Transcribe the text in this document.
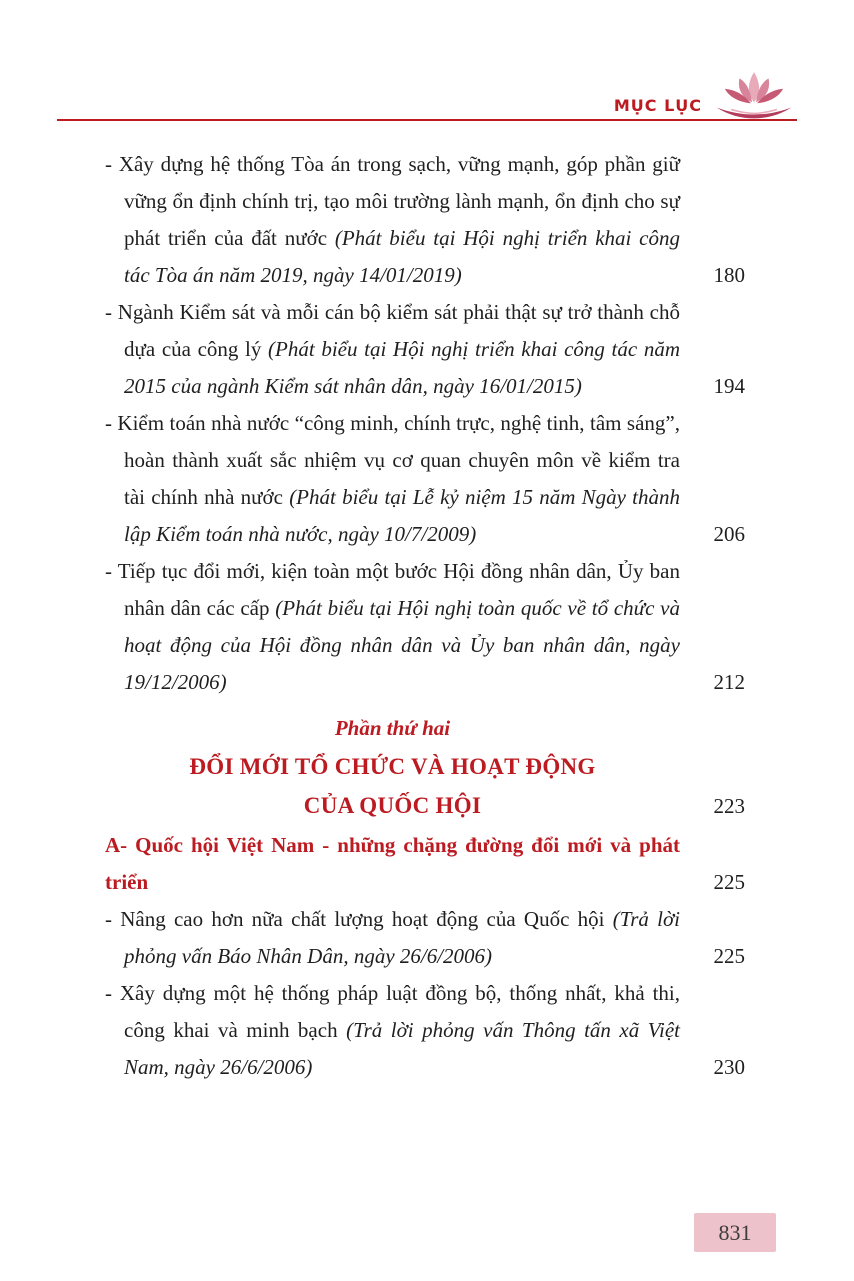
MỤC LỤC
- Xây dựng hệ thống Tòa án trong sạch, vững mạnh, góp phần giữ vững ổn định chính trị, tạo môi trường lành mạnh, ổn định cho sự phát triển của đất nước (Phát biểu tại Hội nghị triển khai công tác Tòa án năm 2019, ngày 14/01/2019)	180
- Ngành Kiểm sát và mỗi cán bộ kiểm sát phải thật sự trở thành chỗ dựa của công lý (Phát biểu tại Hội nghị triển khai công tác năm 2015 của ngành Kiểm sát nhân dân, ngày 16/01/2015)	194
- Kiểm toán nhà nước “công minh, chính trực, nghệ tinh, tâm sáng”, hoàn thành xuất sắc nhiệm vụ cơ quan chuyên môn về kiểm tra tài chính nhà nước (Phát biểu tại Lễ kỷ niệm 15 năm Ngày thành lập Kiểm toán nhà nước, ngày 10/7/2009)	206
- Tiếp tục đổi mới, kiện toàn một bước Hội đồng nhân dân, Ủy ban nhân dân các cấp (Phát biểu tại Hội nghị toàn quốc về tổ chức và hoạt động của Hội đồng nhân dân và Ủy ban nhân dân, ngày 19/12/2006)	212
Phần thứ hai
ĐỔI MỚI TỔ CHỨC VÀ HOẠT ĐỘNG
CỦA QUỐC HỘI	223
A- Quốc hội Việt Nam - những chặng đường đổi mới và phát triển	225
- Nâng cao hơn nữa chất lượng hoạt động của Quốc hội (Trả lời phỏng vấn Báo Nhân Dân, ngày 26/6/2006)	225
- Xây dựng một hệ thống pháp luật đồng bộ, thống nhất, khả thi, công khai và minh bạch (Trả lời phỏng vấn Thông tấn xã Việt Nam, ngày 26/6/2006)	230
831
